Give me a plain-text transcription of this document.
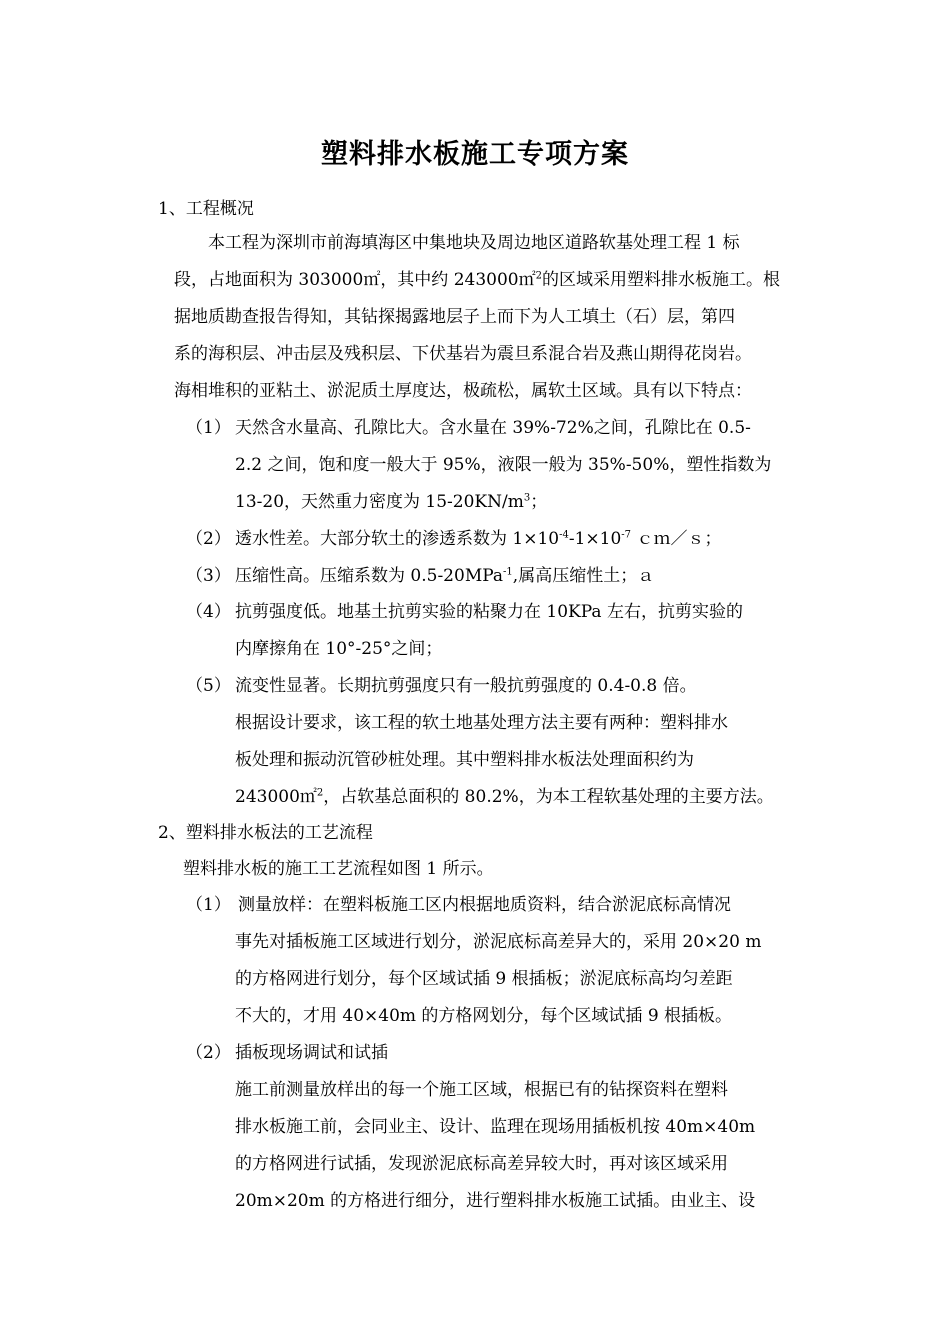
塑料排水板施工专项方案
1、工程概况
本工程为深圳市前海填海区中集地块及周边地区道路软基处理工程 1 标
段，占地面积为 303000㎡，其中约 243000㎡$^2$的区域采用塑料排水板施工。根
据地质勘查报告得知，其钻探揭露地层子上而下为人工填土（石）层，第四
系的海积层、冲击层及残积层、下伏基岩为震旦系混合岩及燕山期得花岗岩。
海相堆积的亚粘土、淤泥质土厚度达，极疏松，属软土区域。具有以下特点：
（1） 天然含水量高、孔隙比大。含水量在 39%-72%之间，孔隙比在 0.5-
2.2 之间，饱和度一般大于 95%，液限一般为 35%-50%，塑性指数为
13-20，天然重力密度为 $15-20KN/m^3$；
（2） 透水性差。大部分软土的渗透系数为 $1\times 10^{-4}-1\times 10^{-7}$ ｃｍ／ｓ；
（3） 压缩性高。压缩系数为 0.5-20MPa$^{-1}$,属高压缩性土；ａ
（4） 抗剪强度低。地基土抗剪实验的粘聚力在 10KPa 左右，抗剪实验的
内摩擦角在 10°-25°之间；
（5） 流变性显著。长期抗剪强度只有一般抗剪强度的 0.4-0.8 倍。
根据设计要求，该工程的软土地基处理方法主要有两种：塑料排水
板处理和振动沉管砂桩处理。其中塑料排水板法处理面积约为
243000㎡$^2$，占软基总面积的 80.2%，为本工程软基处理的主要方法。
2、塑料排水板法的工艺流程
塑料排水板的施工工艺流程如图 1 所示。
（1） 测量放样：在塑料板施工区内根据地质资料，结合淤泥底标高情况
事先对插板施工区域进行划分，淤泥底标高差异大的，采用 20×20 m
的方格网进行划分，每个区域试插 9 根插板；淤泥底标高均匀差距
不大的，才用 40×40m 的方格网划分，每个区域试插 9 根插板。
（2） 插板现场调试和试插
施工前测量放样出的每一个施工区域，根据已有的钻探资料在塑料
排水板施工前，会同业主、设计、监理在现场用插板机按 40m×40m
的方格网进行试插，发现淤泥底标高差异较大时，再对该区域采用
20m×20m 的方格进行细分，进行塑料排水板施工试插。由业主、设
